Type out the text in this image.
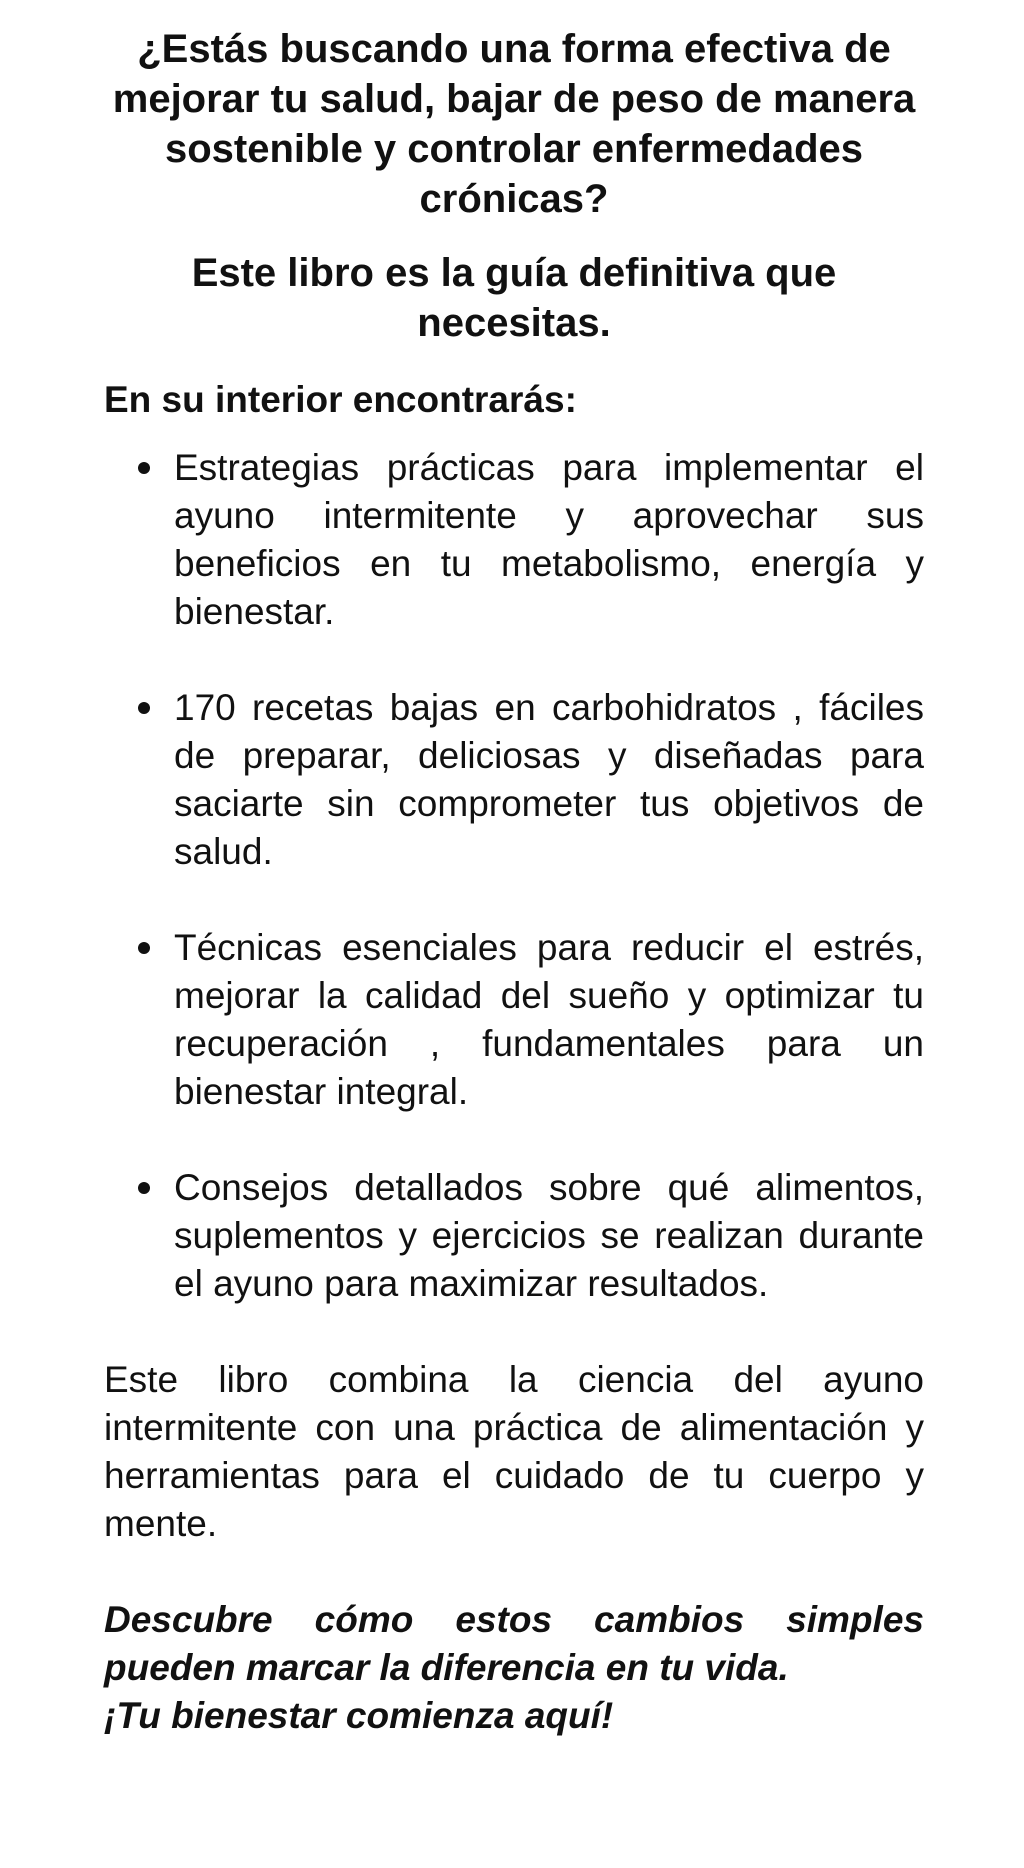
¿Estás buscando una forma efectiva de mejorar tu salud, bajar de peso de manera sostenible y controlar enfermedades crónicas?
Este libro es la guía definitiva que necesitas.

En su interior encontrarás:

Estrategias prácticas para implementar el ayuno intermitente y aprovechar sus beneficios en tu metabolismo, energía y bienestar.
170 recetas bajas en carbohidratos , fáciles de preparar, deliciosas y diseñadas para saciarte sin comprometer tus objetivos de salud.
Técnicas esenciales para reducir el estrés, mejorar la calidad del sueño y optimizar tu recuperación , fundamentales para un bienestar integral.
Consejos detallados sobre qué alimentos, suplementos y ejercicios se realizan durante el ayuno para maximizar resultados.

Este libro combina la ciencia del ayuno intermitente con una práctica de alimentación y herramientas para el cuidado de tu cuerpo y mente.

Descubre cómo estos cambios simples
pueden marcar la diferencia en tu vida.
¡Tu bienestar comienza aquí!
